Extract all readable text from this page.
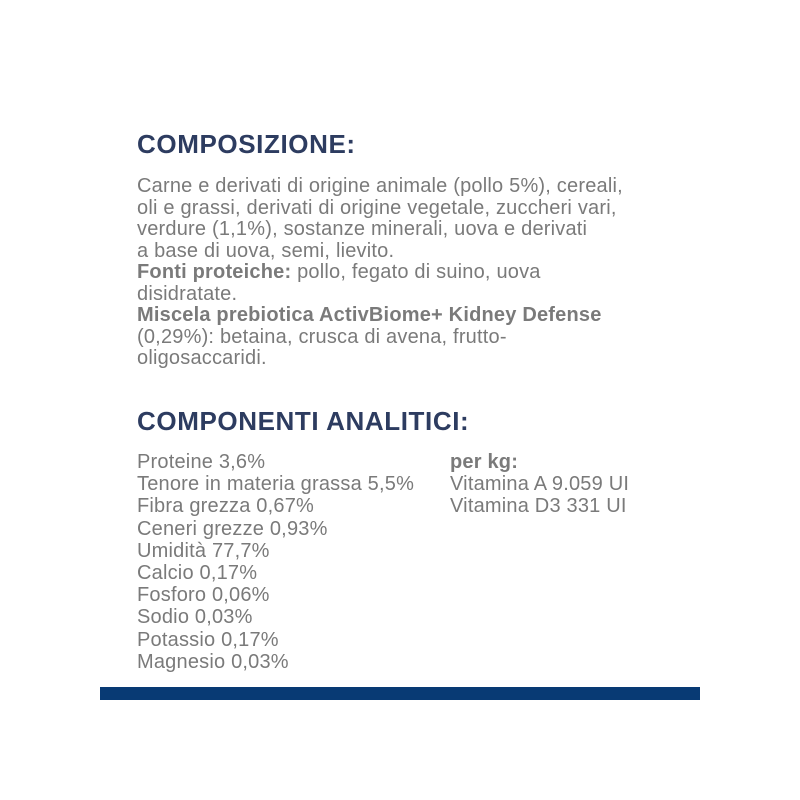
COMPOSIZIONE:
Carne e derivati di origine animale (pollo 5%), cereali,
oli e grassi, derivati di origine vegetale, zuccheri vari,
verdure (1,1%), sostanze minerali, uova e derivati
a base di uova, semi, lievito.
Fonti proteiche: pollo, fegato di suino, uova
disidratate.
Miscela prebiotica ActivBiome+ Kidney Defense
(0,29%): betaina, crusca di avena, frutto-
oligosaccaridi.
COMPONENTI ANALITICI:
Proteine 3,6%
Tenore in materia grassa 5,5%
Fibra grezza 0,67%
Ceneri grezze 0,93%
Umidità 77,7%
Calcio 0,17%
Fosforo 0,06%
Sodio 0,03%
Potassio 0,17%
Magnesio 0,03%
per kg:
Vitamina A 9.059 UI
Vitamina D3 331 UI
